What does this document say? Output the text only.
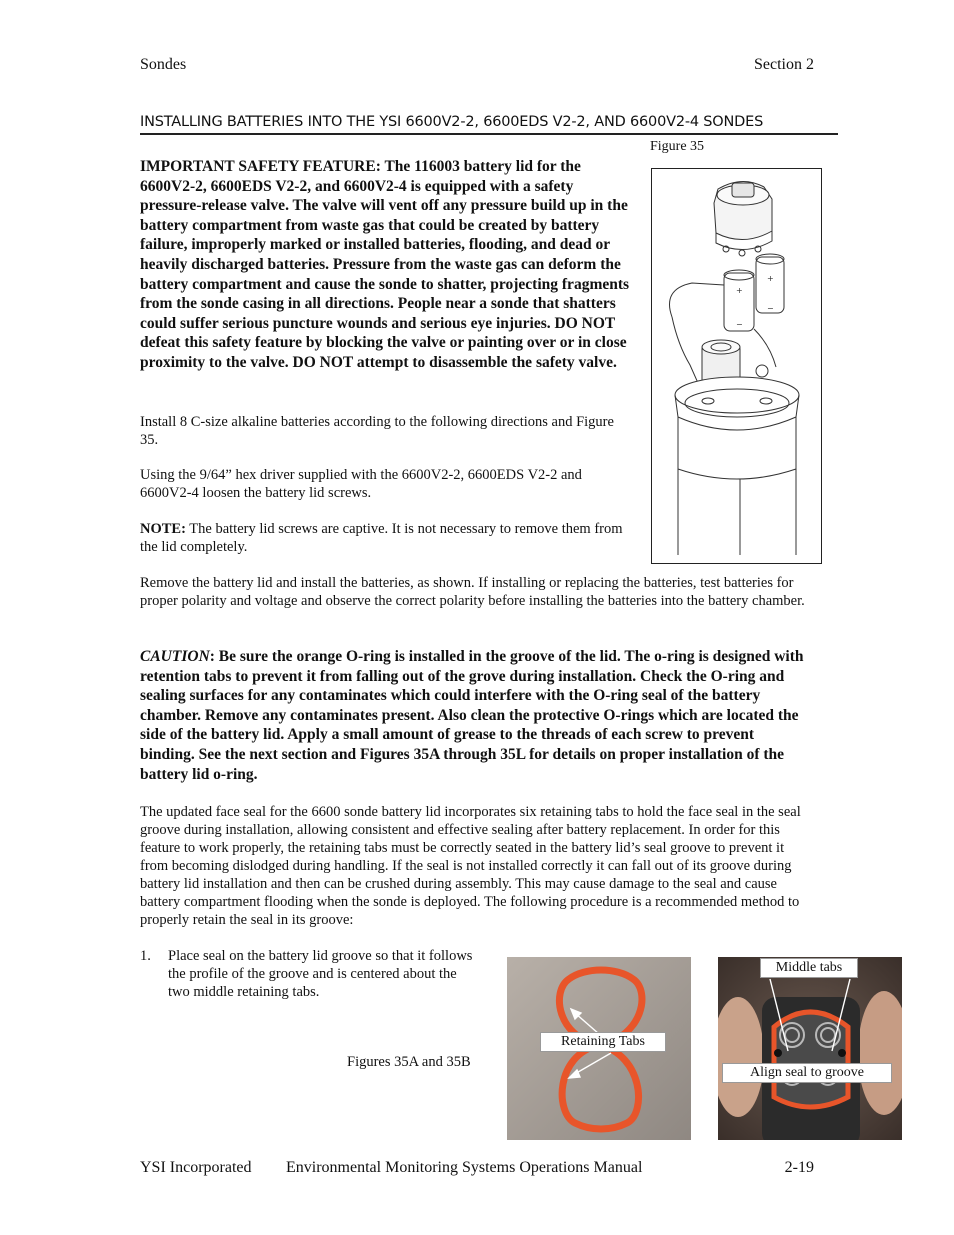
Sondes	Section 2
INSTALLING BATTERIES INTO THE YSI 6600V2-2, 6600EDS V2-2, AND 6600V2-4 SONDES
Figure 35
+
−
+
−
IMPORTANT SAFETY FEATURE: The 116003 battery lid for the 6600V2-2, 6600EDS V2-2, and 6600V2-4 is equipped with a safety pressure-release valve. The valve will vent off any pressure build up in the battery compartment from waste gas that could be created by battery failure, improperly marked or installed batteries, flooding, and dead or heavily discharged batteries. Pressure from the waste gas can deform the battery compartment and cause the sonde to shatter, projecting fragments from the sonde casing in all directions. People near a sonde that shatters could suffer serious puncture wounds and serious eye injuries. DO NOT defeat this safety feature by blocking the valve or painting over or in close proximity to the valve. DO NOT attempt to disassemble the safety valve.
Install 8 C-size alkaline batteries according to the following directions and Figure 35.
Using the 9/64” hex driver supplied with the 6600V2-2, 6600EDS V2-2 and 6600V2-4 loosen the battery lid screws.
NOTE: The battery lid screws are captive. It is not necessary to remove them from the lid completely.
Remove the battery lid and install the batteries, as shown. If installing or replacing the batteries, test batteries for proper polarity and voltage and observe the correct polarity before installing the batteries into the battery chamber.
CAUTION: Be sure the orange O-ring is installed in the groove of the lid. The o-ring is designed with retention tabs to prevent it from falling out of the grove during installation. Check the O-ring and sealing surfaces for any contaminates which could interfere with the O-ring seal of the battery chamber. Remove any contaminates present. Also clean the protective O-rings which are located the side of the battery lid. Apply a small amount of grease to the threads of each screw to prevent binding. See the next section and Figures 35A through 35L for details on proper installation of the battery lid o-ring.
The updated face seal for the 6600 sonde battery lid incorporates six retaining tabs to hold the face seal in the seal groove during installation, allowing consistent and effective sealing after battery replacement. In order for this feature to work properly, the retaining tabs must be correctly seated in the battery lid’s seal groove to prevent it from becoming dislodged during handling. If the seal is not installed correctly it can fall out of its groove during battery lid installation and then can be crushed during assembly. This may cause damage to the seal and cause battery compartment flooding when the sonde is deployed. The following procedure is a recommended method to properly retain the seal in its groove:
1. Place seal on the battery lid groove so that it follows the profile of the groove and is centered about the two middle retaining tabs.
Figures 35A and 35B
Retaining Tabs
Middle tabs
Align seal to groove
YSI Incorporated Environmental Monitoring Systems Operations Manual	2-19
